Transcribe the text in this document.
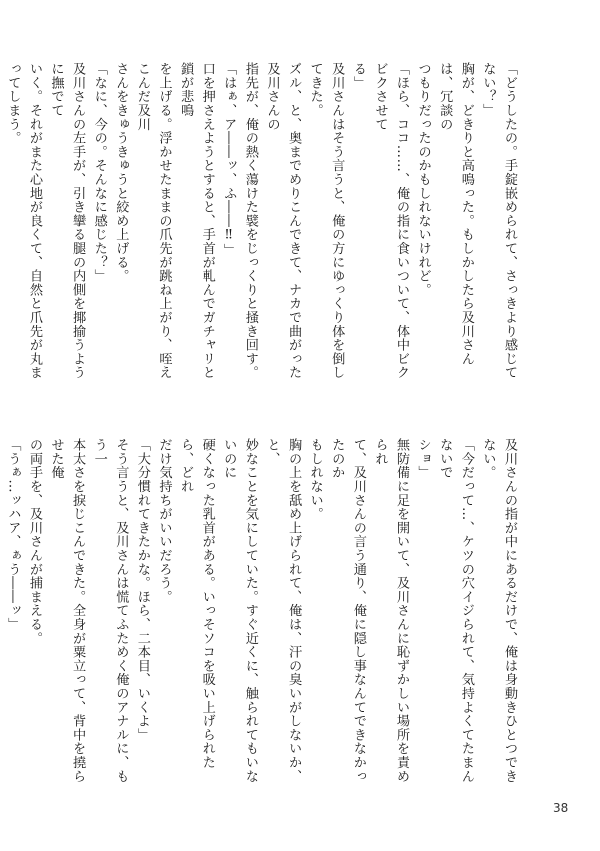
「どうしたの。手錠嵌められて、さっきより感じてない？」

胸が、どきりと高鳴った。もしかしたら及川さんは、冗談の

つもりだったのかもしれないけれど。

「ほら、ココ……、俺の指に食いついて、体中ビクビクさせて

る」

及川さんはそう言うと、俺の方にゆっくり体を倒してきた。

ズル、と、奥までめりこんできて、ナカで曲がった及川さんの

指先が、俺の熱く蕩けた襞をじっくりと掻き回す。

「はぁ、ア――ッ、ふ――‼」

口を押さえようとすると、手首が軋んでガチャリと鎖が悲鳴

を上げる。浮かせたままの爪先が跳ね上がり、咥えこんだ及川

さんをきゅうきゅうと絞め上げる。

「なに、今の。そんなに感じた？」

及川さんの左手が、引き攣る腿の内側を揶揄うように撫でて

いく。それがまた心地が良くて、自然と爪先が丸まってしまう。

及川さんの指が中にあるだけで、俺は身動きひとつできない。

「今だって…、ケツの穴イジられて、気持よくてたまんないで

ショ」

無防備に足を開いて、及川さんに恥ずかしい場所を責められ

て、及川さんの言う通り、俺に隠し事なんてできなかったのか

もしれない。

胸の上を舐め上げられて、俺は、汗の臭いがしないか、と、

妙なことを気にしていた。すぐ近くに、触られてもいないのに

硬くなった乳首がある。いっそソコを吸い上げられたら、どれ

だけ気持ちがいいだろう。

「大分慣れてきたかな。ほら、二本目、いくよ」

そう言うと、及川さんは慌てふためく俺のアナルに、もう一

本太さを捩じこんできた。全身が粟立って、背中を撓らせた俺

の両手を、及川さんが捕まえる。

「うぁ…ッハア、ぁう――ッ」

38
